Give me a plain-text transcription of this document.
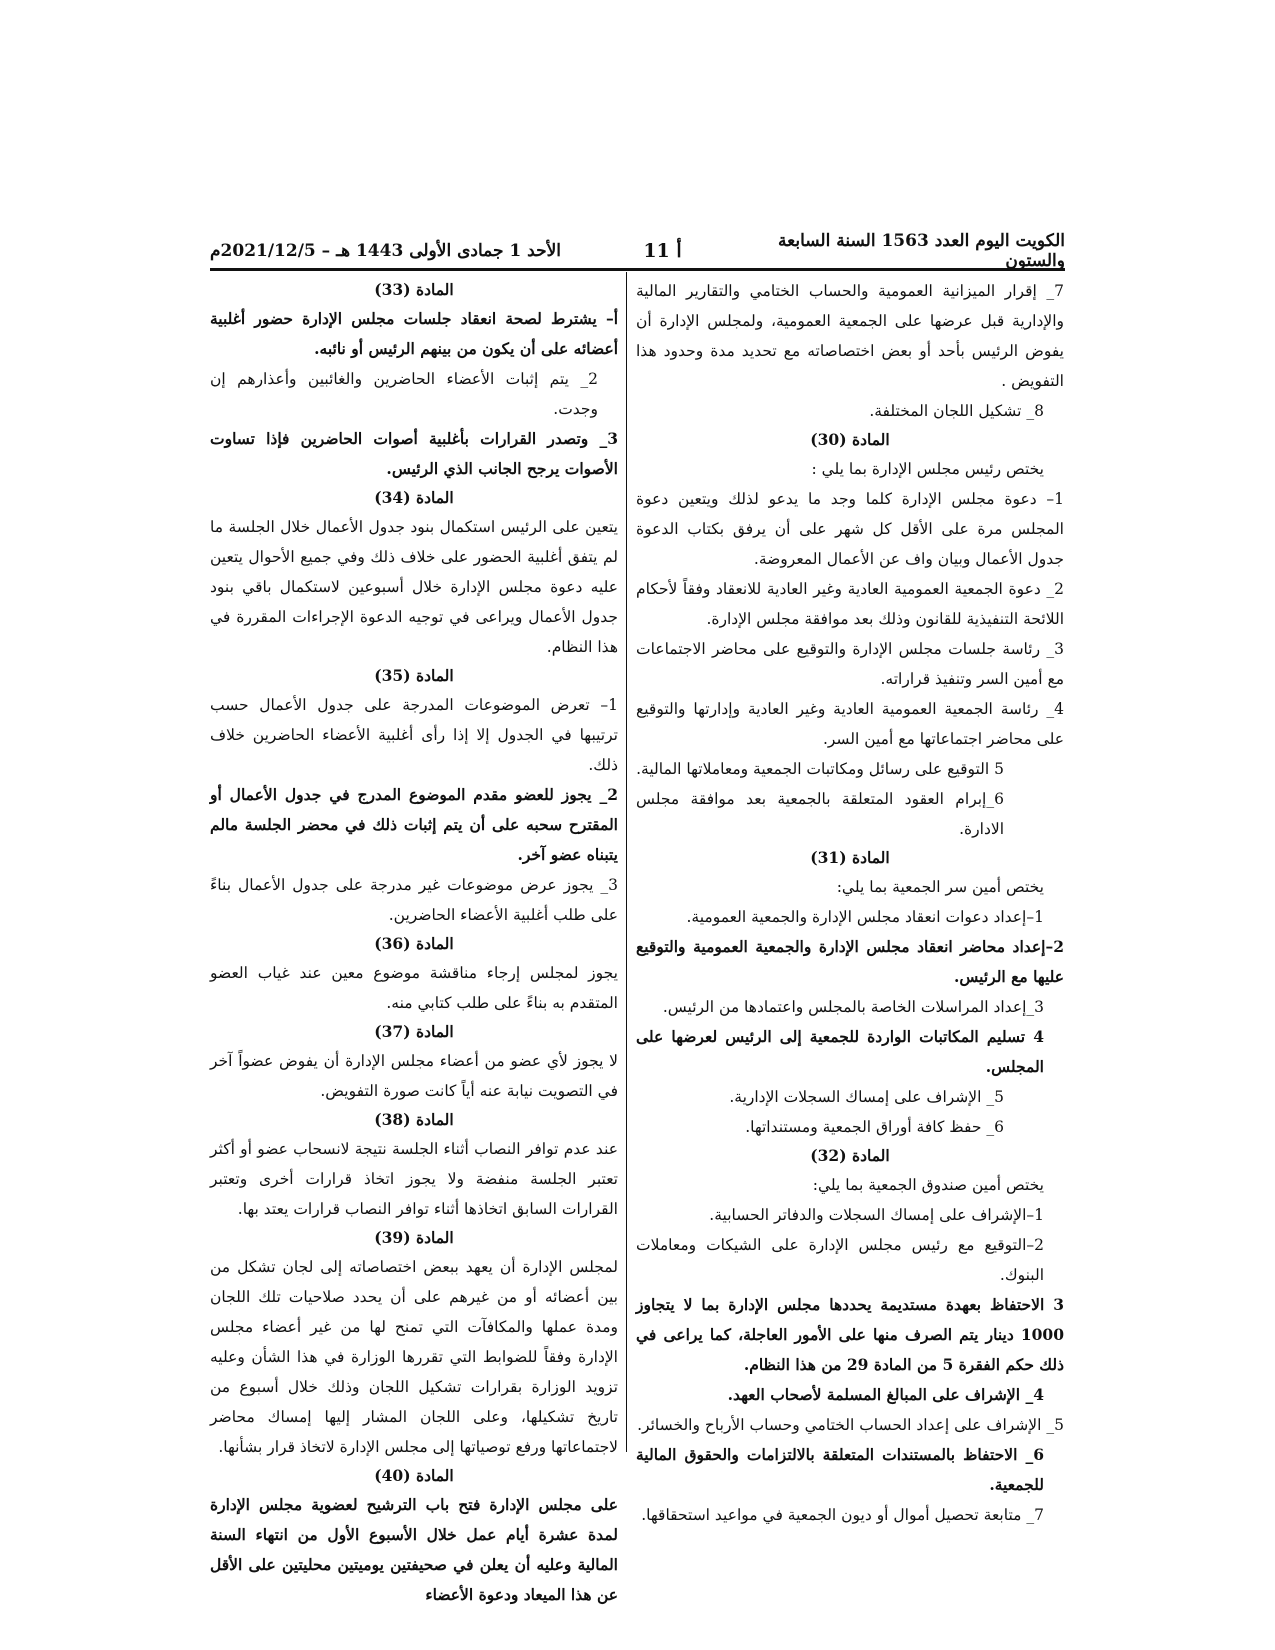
الكويت اليوم العدد 1563 السنة السابعة والستون
أ 11
الأحد 1 جمادى الأولى 1443 هـ – 2021/12/5م
7_ إقرار الميزانية العمومية والحساب الختامي والتقارير المالية والإدارية قبل عرضها على الجمعية العمومية، ولمجلس الإدارة أن يفوض الرئيس بأحد أو بعض اختصاصاته مع تحديد مدة وحدود هذا التفويض .
8_ تشكيل اللجان المختلفة.
المادة (30)
يختص رئيس مجلس الإدارة بما يلي :
1– دعوة مجلس الإدارة كلما وجد ما يدعو لذلك ويتعين دعوة المجلس مرة على الأقل كل شهر على أن يرفق بكتاب الدعوة جدول الأعمال وبيان واف عن الأعمال المعروضة.
2_ دعوة الجمعية العمومية العادية وغير العادية للانعقاد وفقاً لأحكام اللائحة التنفيذية للقانون وذلك بعد موافقة مجلس الإدارة.
3_ رئاسة جلسات مجلس الإدارة والتوقيع على محاضر الاجتماعات مع أمين السر وتنفيذ قراراته.
4_ رئاسة الجمعية العمومية العادية وغير العادية وإدارتها والتوقيع على محاضر اجتماعاتها مع أمين السر.
5 التوقيع على رسائل ومكاتبات الجمعية ومعاملاتها المالية.
6_إبرام العقود المتعلقة بالجمعية بعد موافقة مجلس الادارة.
المادة (31)
يختص أمين سر الجمعية بما يلي:
1–إعداد دعوات انعقاد مجلس الإدارة والجمعية العمومية.
2–إعداد محاضر انعقاد مجلس الإدارة والجمعية العمومية والتوقيع عليها مع الرئيس.
3_إعداد المراسلات الخاصة بالمجلس واعتمادها من الرئيس.
4 تسليم المكاتبات الواردة للجمعية إلى الرئيس لعرضها على المجلس.
5_ الإشراف على إمساك السجلات الإدارية.
6_ حفظ كافة أوراق الجمعية ومستنداتها.
المادة (32)
يختص أمين صندوق الجمعية بما يلي:
1–الإشراف على إمساك السجلات والدفاتر الحسابية.
2–التوقيع مع رئيس مجلس الإدارة على الشيكات ومعاملات البنوك.
3 الاحتفاظ بعهدة مستديمة يحددها مجلس الإدارة بما لا يتجاوز 1000 دينار يتم الصرف منها على الأمور العاجلة، كما يراعى في ذلك حكم الفقرة 5 من المادة 29 من هذا النظام.
4_ الإشراف على المبالغ المسلمة لأصحاب العهد.
5_ الإشراف على إعداد الحساب الختامي وحساب الأرباح والخسائر.
6_ الاحتفاظ بالمستندات المتعلقة بالالتزامات والحقوق المالية للجمعية.
7_ متابعة تحصيل أموال أو ديون الجمعية في مواعيد استحقاقها.
المادة (33)
أ– يشترط لصحة انعقاد جلسات مجلس الإدارة حضور أغلبية أعضائه على أن يكون من بينهم الرئيس أو نائبه.
2_ يتم إثبات الأعضاء الحاضرين والغائبين وأعذارهم إن وجدت.
3_ وتصدر القرارات بأغلبية أصوات الحاضرين فإذا تساوت الأصوات يرجح الجانب الذي الرئيس.
المادة (34)
يتعين على الرئيس استكمال بنود جدول الأعمال خلال الجلسة ما لم يتفق أغلبية الحضور على خلاف ذلك وفي جميع الأحوال يتعين عليه دعوة مجلس الإدارة خلال أسبوعين لاستكمال باقي بنود جدول الأعمال ويراعى في توجيه الدعوة الإجراءات المقررة في هذا النظام.
المادة (35)
1– تعرض الموضوعات المدرجة على جدول الأعمال حسب ترتيبها في الجدول إلا إذا رأى أغلبية الأعضاء الحاضرين خلاف ذلك.
2_ يجوز للعضو مقدم الموضوع المدرج في جدول الأعمال أو المقترح سحبه على أن يتم إثبات ذلك في محضر الجلسة مالم يتبناه عضو آخر.
3_ يجوز عرض موضوعات غير مدرجة على جدول الأعمال بناءً على طلب أغلبية الأعضاء الحاضرين.
المادة (36)
يجوز لمجلس إرجاء مناقشة موضوع معين عند غياب العضو المتقدم به بناءً على طلب كتابي منه.
المادة (37)
لا يجوز لأي عضو من أعضاء مجلس الإدارة أن يفوض عضواً آخر في التصويت نيابة عنه أياً كانت صورة التفويض.
المادة (38)
عند عدم توافر النصاب أثناء الجلسة نتيجة لانسحاب عضو أو أكثر تعتبر الجلسة منفضة ولا يجوز اتخاذ قرارات أخرى وتعتبر القرارات السابق اتخاذها أثناء توافر النصاب قرارات يعتد بها.
المادة (39)
لمجلس الإدارة أن يعهد ببعض اختصاصاته إلى لجان تشكل من بين أعضائه أو من غيرهم على أن يحدد صلاحيات تلك اللجان ومدة عملها والمكافآت التي تمنح لها من غير أعضاء مجلس الإدارة وفقاً للضوابط التي تقررها الوزارة في هذا الشأن وعليه تزويد الوزارة بقرارات تشكيل اللجان وذلك خلال أسبوع من تاريخ تشكيلها، وعلى اللجان المشار إليها إمساك محاضر لاجتماعاتها ورفع توصياتها إلى مجلس الإدارة لاتخاذ قرار بشأنها.
المادة (40)
على مجلس الإدارة فتح باب الترشيح لعضوية مجلس الإدارة لمدة عشرة أيام عمل خلال الأسبوع الأول من انتهاء السنة المالية وعليه أن يعلن في صحيفتين يوميتين محليتين على الأقل عن هذا الميعاد ودعوة الأعضاء
